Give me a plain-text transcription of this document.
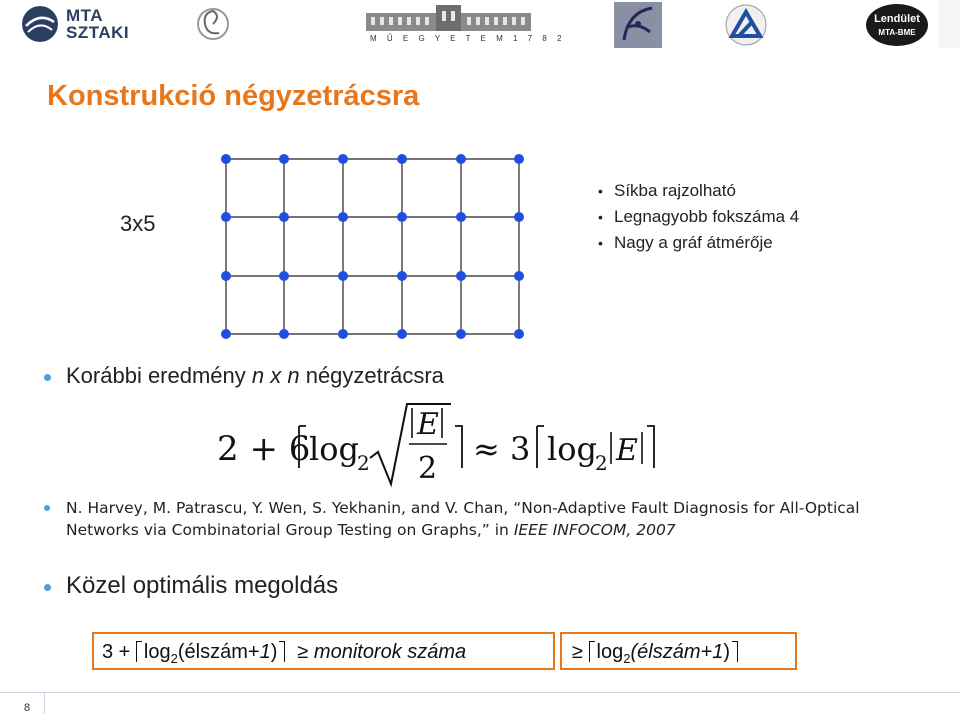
MTA
SZTAKI	M Ű E G Y E T E M 1 7 8 2
Lendület
MTA-BME
Konstrukció négyzetrácsra
3x5
• Síkba rajzolható
• Legnagyobb fokszáma 4
• Nagy a gráf átmérője
Korábbi eredmény n x n négyzetrácsra
2 + 6
log
2
E
2
≈ 3 log
2 E
N. Harvey, M. Patrascu, Y. Wen, S. Yekhanin, and V. Chan, “Non-Adaptive Fault Diagnosis for All-Optical Networks via Combinatorial Group Testing on Graphs,” in IEEE INFOCOM, 2007
Közel optimális megoldás
$3 + \log_2(élszám+1)$ ≥ monitorok száma	≥ $\log_2(élszám+1)$
8
